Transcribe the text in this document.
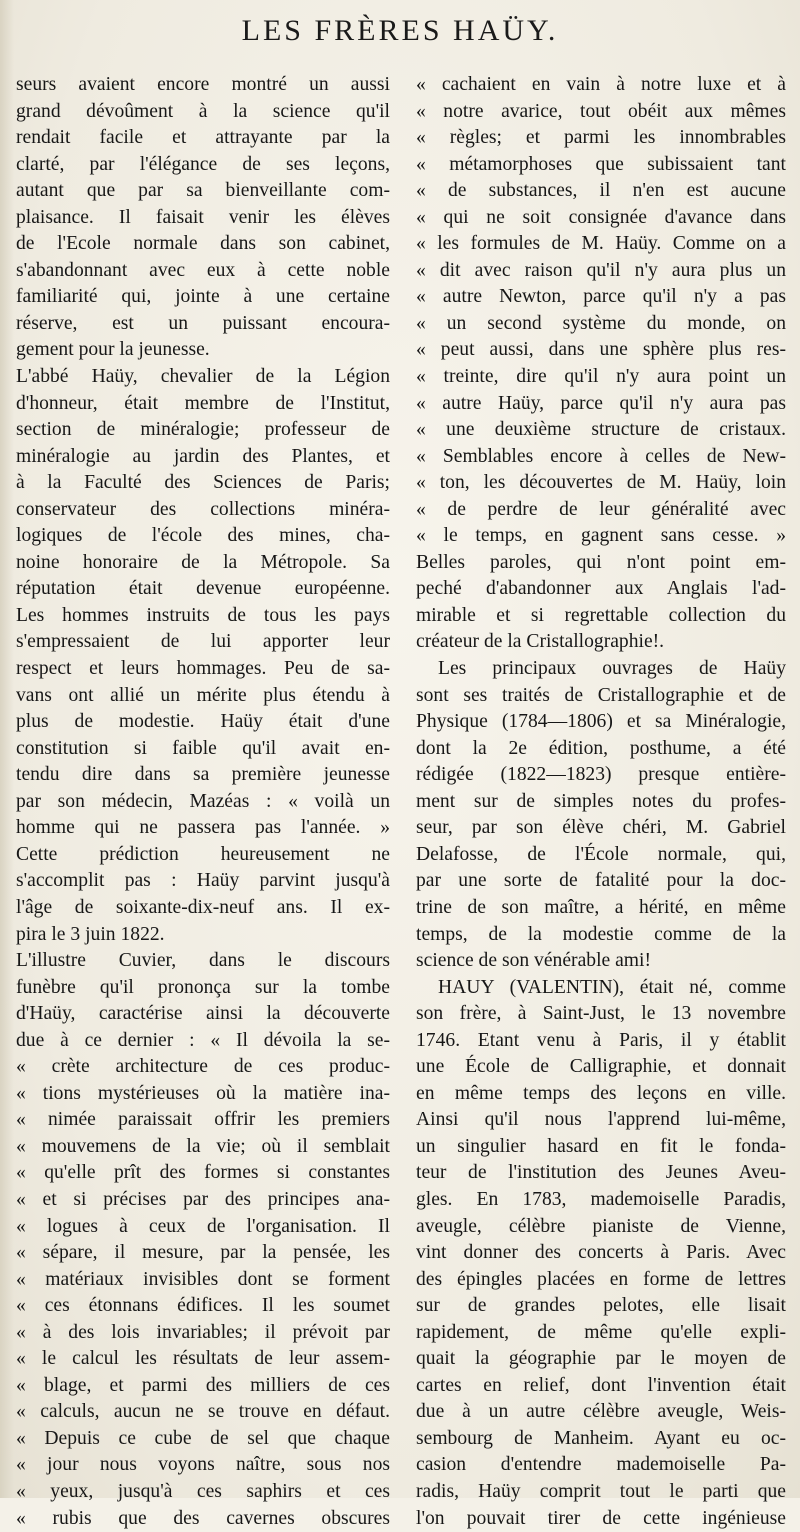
LES FRÈRES HAÜY.
seurs avaient encore montré un aussi
grand dévoûment à la science qu'il
rendait facile et attrayante par la
clarté, par l'élégance de ses leçons,
autant que par sa bienveillante com-
plaisance. Il faisait venir les élèves
de l'Ecole normale dans son cabinet,
s'abandonnant avec eux à cette noble
familiarité qui, jointe à une certaine
réserve, est un puissant encoura-
gement pour la jeunesse.
L'abbé Haüy, chevalier de la Légion
d'honneur, était membre de l'Institut,
section de minéralogie; professeur de
minéralogie au jardin des Plantes, et
à la Faculté des Sciences de Paris;
conservateur des collections minéra-
logiques de l'école des mines, cha-
noine honoraire de la Métropole. Sa
réputation était devenue européenne.
Les hommes instruits de tous les pays
s'empressaient de lui apporter leur
respect et leurs hommages. Peu de sa-
vans ont allié un mérite plus étendu à
plus de modestie. Haüy était d'une
constitution si faible qu'il avait en-
tendu dire dans sa première jeunesse
par son médecin, Mazéas : « voilà un
homme qui ne passera pas l'année. »
Cette prédiction heureusement ne
s'accomplit pas : Haüy parvint jusqu'à
l'âge de soixante-dix-neuf ans. Il ex-
pira le 3 juin 1822.
L'illustre Cuvier, dans le discours
funèbre qu'il prononça sur la tombe
d'Haüy, caractérise ainsi la découverte
due à ce dernier : « Il dévoila la se-
« crète architecture de ces produc-
« tions mystérieuses où la matière ina-
« nimée paraissait offrir les premiers
« mouvemens de la vie; où il semblait
« qu'elle prît des formes si constantes
« et si précises par des principes ana-
« logues à ceux de l'organisation. Il
« sépare, il mesure, par la pensée, les
« matériaux invisibles dont se forment
« ces étonnans édifices. Il les soumet
« à des lois invariables; il prévoit par
« le calcul les résultats de leur assem-
« blage, et parmi des milliers de ces
« calculs, aucun ne se trouve en défaut.
« Depuis ce cube de sel que chaque
« jour nous voyons naître, sous nos
« yeux, jusqu'à ces saphirs et ces
« rubis que des cavernes obscures
« cachaient en vain à notre luxe et à
« notre avarice, tout obéit aux mêmes
« règles; et parmi les innombrables
« métamorphoses que subissaient tant
« de substances, il n'en est aucune
« qui ne soit consignée d'avance dans
« les formules de M. Haüy. Comme on a
« dit avec raison qu'il n'y aura plus un
« autre Newton, parce qu'il n'y a pas
« un second système du monde, on
« peut aussi, dans une sphère plus res-
« treinte, dire qu'il n'y aura point un
« autre Haüy, parce qu'il n'y aura pas
« une deuxième structure de cristaux.
« Semblables encore à celles de New-
« ton, les découvertes de M. Haüy, loin
« de perdre de leur généralité avec
« le temps, en gagnent sans cesse. »
Belles paroles, qui n'ont point em-
peché d'abandonner aux Anglais l'ad-
mirable et si regrettable collection du
créateur de la Cristallographie!.
Les principaux ouvrages de Haüy
sont ses traités de Cristallographie et de
Physique (1784—1806) et sa Minéralogie,
dont la 2e édition, posthume, a été
rédigée (1822—1823) presque entière-
ment sur de simples notes du profes-
seur, par son élève chéri, M. Gabriel
Delafosse, de l'École normale, qui,
par une sorte de fatalité pour la doc-
trine de son maître, a hérité, en même
temps, de la modestie comme de la
science de son vénérable ami!
HAUY (VALENTIN), était né, comme
son frère, à Saint-Just, le 13 novembre
1746. Etant venu à Paris, il y établit
une École de Calligraphie, et donnait
en même temps des leçons en ville.
Ainsi qu'il nous l'apprend lui-même,
un singulier hasard en fit le fonda-
teur de l'institution des Jeunes Aveu-
gles. En 1783, mademoiselle Paradis,
aveugle, célèbre pianiste de Vienne,
vint donner des concerts à Paris. Avec
des épingles placées en forme de lettres
sur de grandes pelotes, elle lisait
rapidement, de même qu'elle expli-
quait la géographie par le moyen de
cartes en relief, dont l'invention était
due à un autre célèbre aveugle, Weis-
sembourg de Manheim. Ayant eu oc-
casion d'entendre mademoiselle Pa-
radis, Haüy comprit tout le parti que
l'on pouvait tirer de cette ingénieuse
